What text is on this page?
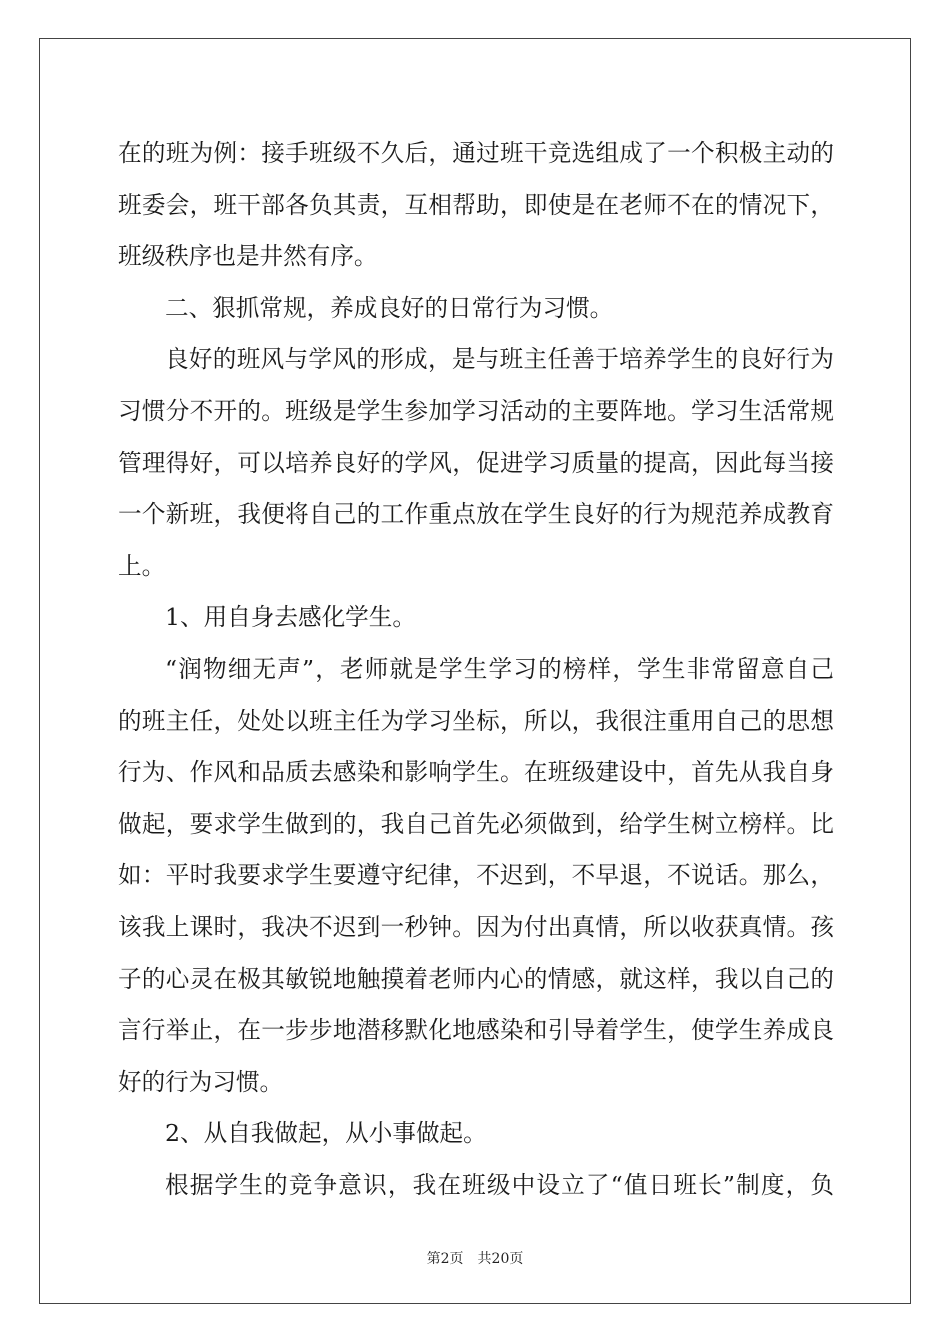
在的班为例：接手班级不久后，通过班干竞选组成了一个积极主动的
班委会，班干部各负其责，互相帮助，即使是在老师不在的情况下，
班级秩序也是井然有序。
二、狠抓常规，养成良好的日常行为习惯。
良好的班风与学风的形成，是与班主任善于培养学生的良好行为
习惯分不开的。班级是学生参加学习活动的主要阵地。学习生活常规
管理得好，可以培养良好的学风，促进学习质量的提高，因此每当接
一个新班，我便将自己的工作重点放在学生良好的行为规范养成教育
上。
1、用自身去感化学生。
“润物细无声”，老师就是学生学习的榜样，学生非常留意自己
的班主任，处处以班主任为学习坐标，所以，我很注重用自己的思想
行为、作风和品质去感染和影响学生。在班级建设中，首先从我自身
做起，要求学生做到的，我自己首先必须做到，给学生树立榜样。比
如：平时我要求学生要遵守纪律，不迟到，不早退，不说话。那么，
该我上课时，我决不迟到一秒钟。因为付出真情，所以收获真情。孩
子的心灵在极其敏锐地触摸着老师内心的情感，就这样，我以自己的
言行举止，在一步步地潜移默化地感染和引导着学生，使学生养成良
好的行为习惯。
2、从自我做起，从小事做起。
根据学生的竞争意识，我在班级中设立了“值日班长”制度，负
第2页 共20页
